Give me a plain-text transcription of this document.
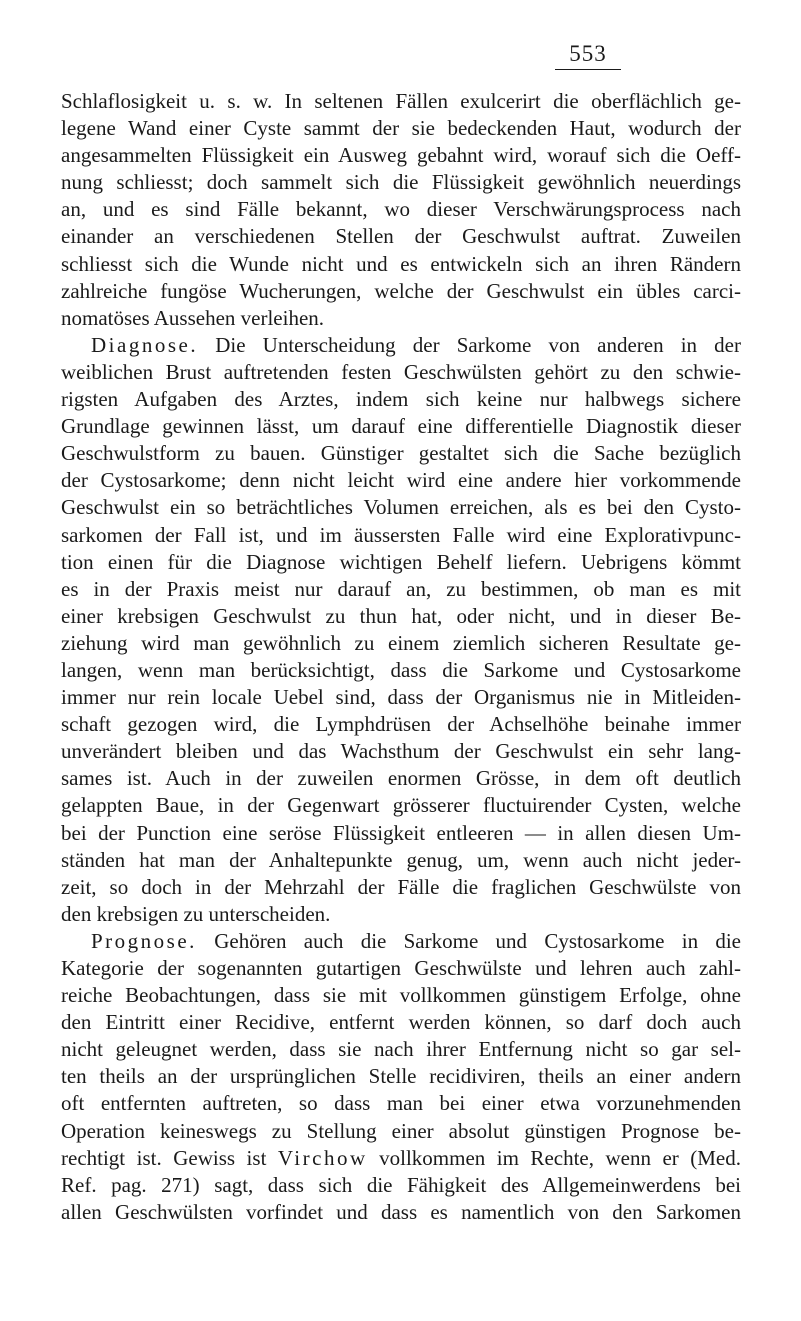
553
Schlaflosigkeit u. s. w. In seltenen Fällen exulcerirt die oberflächlich ge-
legene Wand einer Cyste sammt der sie bedeckenden Haut, wodurch der
angesammelten Flüssigkeit ein Ausweg gebahnt wird, worauf sich die Oeff-
nung schliesst; doch sammelt sich die Flüssigkeit gewöhnlich neuerdings
an, und es sind Fälle bekannt, wo dieser Verschwärungsprocess nach
einander an verschiedenen Stellen der Geschwulst auftrat. Zuweilen
schliesst sich die Wunde nicht und es entwickeln sich an ihren Rändern
zahlreiche fungöse Wucherungen, welche der Geschwulst ein übles carci-
nomatöses Aussehen verleihen.
Diagnose. Die Unterscheidung der Sarkome von anderen in der
weiblichen Brust auftretenden festen Geschwülsten gehört zu den schwie-
rigsten Aufgaben des Arztes, indem sich keine nur halbwegs sichere
Grundlage gewinnen lässt, um darauf eine differentielle Diagnostik dieser
Geschwulstform zu bauen. Günstiger gestaltet sich die Sache bezüglich
der Cystosarkome; denn nicht leicht wird eine andere hier vorkommende
Geschwulst ein so beträchtliches Volumen erreichen, als es bei den Cysto-
sarkomen der Fall ist, und im äussersten Falle wird eine Explorativpunc-
tion einen für die Diagnose wichtigen Behelf liefern. Uebrigens kömmt
es in der Praxis meist nur darauf an, zu bestimmen, ob man es mit
einer krebsigen Geschwulst zu thun hat, oder nicht, und in dieser Be-
ziehung wird man gewöhnlich zu einem ziemlich sicheren Resultate ge-
langen, wenn man berücksichtigt, dass die Sarkome und Cystosarkome
immer nur rein locale Uebel sind, dass der Organismus nie in Mitleiden-
schaft gezogen wird, die Lymphdrüsen der Achselhöhe beinahe immer
unverändert bleiben und das Wachsthum der Geschwulst ein sehr lang-
sames ist. Auch in der zuweilen enormen Grösse, in dem oft deutlich
gelappten Baue, in der Gegenwart grösserer fluctuirender Cysten, welche
bei der Punction eine seröse Flüssigkeit entleeren — in allen diesen Um-
ständen hat man der Anhaltepunkte genug, um, wenn auch nicht jeder-
zeit, so doch in der Mehrzahl der Fälle die fraglichen Geschwülste von
den krebsigen zu unterscheiden.
Prognose. Gehören auch die Sarkome und Cystosarkome in die
Kategorie der sogenannten gutartigen Geschwülste und lehren auch zahl-
reiche Beobachtungen, dass sie mit vollkommen günstigem Erfolge, ohne
den Eintritt einer Recidive, entfernt werden können, so darf doch auch
nicht geleugnet werden, dass sie nach ihrer Entfernung nicht so gar sel-
ten theils an der ursprünglichen Stelle recidiviren, theils an einer andern
oft entfernten auftreten, so dass man bei einer etwa vorzunehmenden
Operation keineswegs zu Stellung einer absolut günstigen Prognose be-
rechtigt ist. Gewiss ist Virchow vollkommen im Rechte, wenn er (Med.
Ref. pag. 271) sagt, dass sich die Fähigkeit des Allgemeinwerdens bei
allen Geschwülsten vorfindet und dass es namentlich von den Sarkomen
